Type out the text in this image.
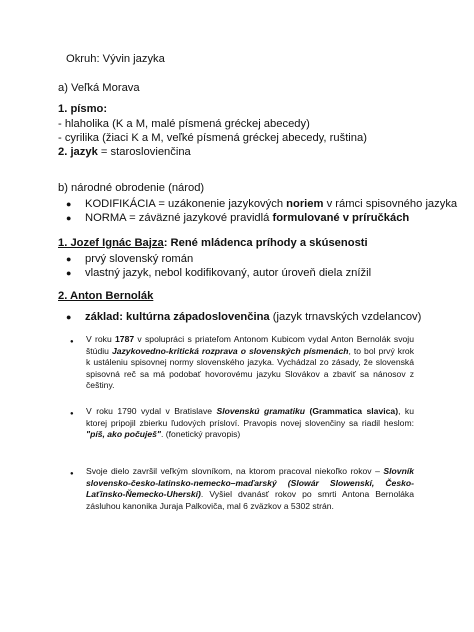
Okruh: Vývin jazyka
a) Veľká Morava
1. písmo:
- hlaholika (K a M, malé písmená gréckej abecedy)
- cyrilika (žiaci K a M, veľké písmená gréckej abecedy, ruština)
2. jazyk = staroslovienčina
b) národné obrodenie (národ)
● KODIFIKÁCIA = uzákonenie jazykových noriem v rámci spisovného jazyka
● NORMA = záväzné jazykové pravidlá formulované v príručkách
1. Jozef Ignác Bajza: René mládenca príhody a skúsenosti
● prvý slovenský román
● vlastný jazyk, nebol kodifikovaný, autor úroveň diela znížil
2. Anton Bernolák
● základ: kultúrna západoslovenčina (jazyk trnavských vzdelancov)
● V roku 1787 v spolupráci s priateľom Antonom Kubicom vydal Anton Bernolák svoju štúdiu Jazykovedno-kritická rozprava o slovenských písmenách, to bol prvý krok k ustáleniu spisovnej normy slovenského jazyka. Vychádzal zo zásady, že slovenská spisovná reč sa má podobať hovorovému jazyku Slovákov a zbaviť sa nánosov z češtiny.
● V roku 1790 vydal v Bratislave Slovenskú gramatiku (Grammatica slavica), ku ktorej pripojil zbierku ľudových prísloví. Pravopis novej slovenčiny sa riadil heslom: "píš, ako počuješ". (fonetický pravopis)
● Svoje dielo završil veľkým slovníkom, na ktorom pracoval niekoľko rokov – Slovník slovensko-česko-latinsko-nemecko–maďarský (Slowár Slowenskí, Česko-Laťinsko-Ňemecko-Uherskí). Vyšiel dvanásť rokov po smrti Antona Bernoláka zásluhou kanonika Juraja Palkoviča, mal 6 zväzkov a 5302 strán.
